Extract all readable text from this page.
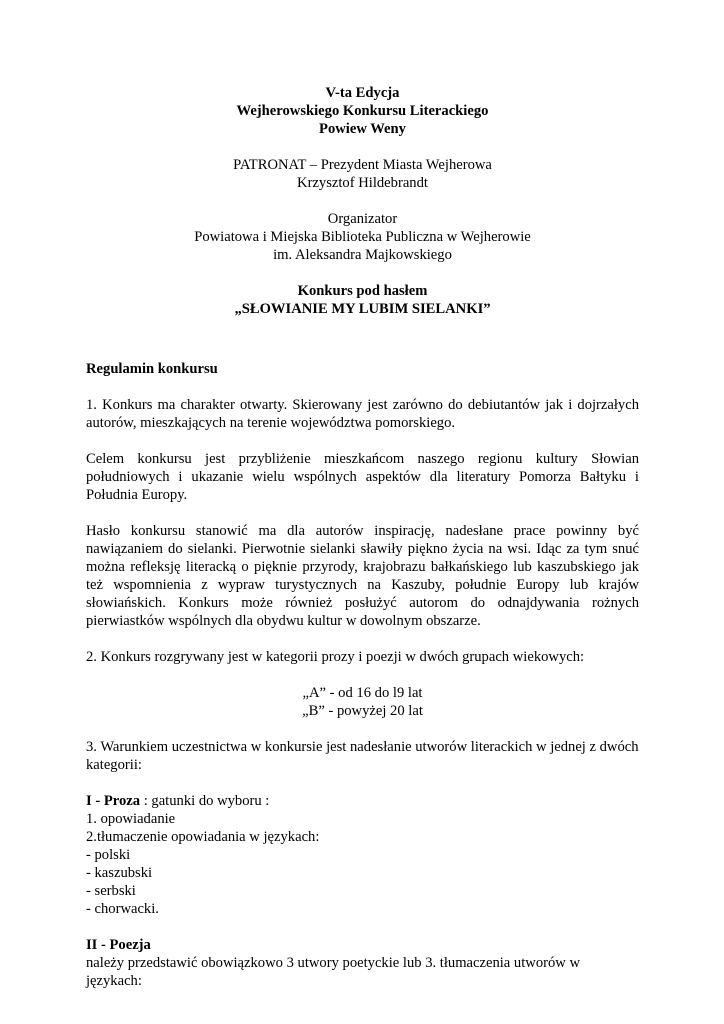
V-ta Edycja
Wejherowskiego Konkursu Literackiego
Powiew Weny
PATRONAT – Prezydent Miasta Wejherowa
Krzysztof Hildebrandt
Organizator
Powiatowa i Miejska Biblioteka Publiczna w Wejherowie
im. Aleksandra Majkowskiego
Konkurs pod hasłem
„SŁOWIANIE MY LUBIM SIELANKI”
Regulamin konkursu
1. Konkurs ma charakter otwarty. Skierowany jest zarówno do debiutantów jak i dojrzałych autorów, mieszkających na terenie województwa pomorskiego.
Celem konkursu jest przybliżenie mieszkańcom naszego regionu kultury Słowian południowych i ukazanie wielu wspólnych aspektów dla literatury Pomorza Bałtyku i Południa Europy.
Hasło konkursu stanowić ma dla autorów inspirację, nadesłane prace powinny być nawiązaniem do sielanki. Pierwotnie sielanki sławiły piękno życia na wsi. Idąc za tym snuć można refleksję literacką o pięknie przyrody, krajobrazu bałkańskiego lub kaszubskiego jak też wspomnienia z wypraw turystycznych na Kaszuby, południe Europy lub krajów słowiańskich. Konkurs może również posłużyć autorom do odnajdywania rożnych pierwiastków wspólnych dla obydwu kultur w dowolnym obszarze.
2. Konkurs rozgrywany jest w kategorii prozy i poezji w dwóch grupach wiekowych:
„A” - od 16 do l9 lat
„B” - powyżej 20 lat
3. Warunkiem uczestnictwa w konkursie jest nadesłanie utworów literackich w jednej z dwóch kategorii:
I - Proza : gatunki do wyboru :
1. opowiadanie
2.tłumaczenie opowiadania w językach:
- polski
- kaszubski
- serbski
- chorwacki.
II - Poezja
należy przedstawić obowiązkowo 3 utwory poetyckie lub 3. tłumaczenia utworów w językach:
